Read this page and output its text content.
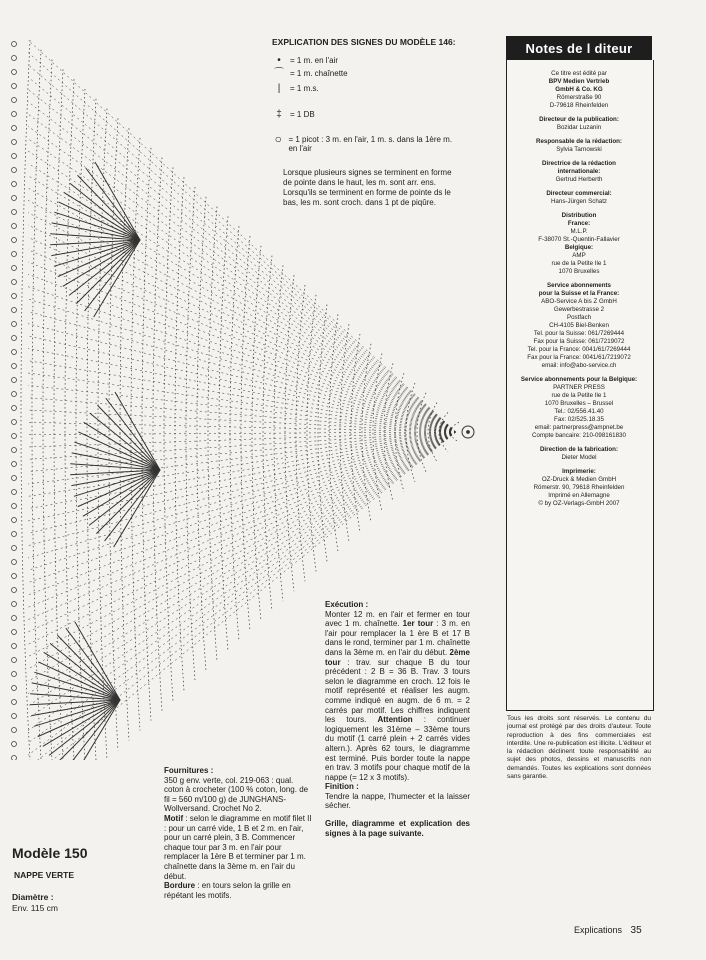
EXPLICATION DES SIGNES DU MODÈLE 146:
•	= 1 m. en l'air
⌒ = 1 m. chaînette
|	= 1 m.s.
‡	= 1 DB
○ = 1 picot : 3 m. en l'air, 1 m. s. dans la 1ère m. en l'air
Lorsque plusieurs signes se terminent en forme de pointe dans le haut, les m. sont arr. ens. Lorsqu'ils se terminent en forme de pointe ds le bas, les m. sont croch. dans 1 pt de piqûre.
Exécution :
Monter 12 m. en l'air et fermer en tour avec 1 m. chaînette. 1er tour : 3 m. en l'air pour remplacer la 1 ère B et 17 B dans le rond, terminer par 1 m. chaînette dans la 3ème m. en l'air du début. 2ème tour : trav. sur chaque B du tour précédent : 2 B = 36 B. Trav. 3 tours selon le diagramme en croch. 12 fois le motif représenté et réaliser les augm. comme indiqué en augm. de 6 m. = 2 carrés par motif. Les chiffres indiquent les tours. Attention : continuer logiquement les 31ème – 33ème tours du motif (1 carré plein + 2 carrés vides altern.). Après 62 tours, le diagramme est terminé. Puis border toute la nappe en trav. 3 motifs pour chaque motif de la nappe (= 12 x 3 motifs).
Finition :
Tendre la nappe, l'humecter et la laisser sécher.
Grille, diagramme et explication des signes à la page suivante.
Fournitures :
350 g env. verte, col. 219-063 : qual. coton à crocheter (100 % coton, long. de fil = 560 m/100 g) de JUNGHANS-Wollversand. Crochet No 2.
Motif : selon le diagramme en motif filet II : pour un carré vide, 1 B et 2 m. en l'air, pour un carré plein, 3 B. Commencer chaque tour par 3 m. en l'air pour remplacer la 1ère B et terminer par 1 m. chaînette dans la 3ème m. en l'air du début.
Bordure : en tours selon la grille en répétant les motifs.
Modèle 150
NAPPE VERTE
Diamètre :
Env. 115 cm
Notes de l diteur
Ce titre est édité par
BPV Medien Vertrieb
GmbH & Co. KG
Römerstraße 90
D-79618 Rheinfelden
Directeur de la publication:
Bozidar Luzanin
Responsable de la rédaction:
Sylvia Tarnowski
Directrice de la rédaction
internationale:
Gertrud Herberth
Directeur commercial:
Hans-Jürgen Schatz
Distribution
France:
M.L.P.
F-38070 St.-Quentin-Fallavier
Belgique:
AMP
rue de la Petite Ile 1
1070 Bruxelles
Service abonnements
pour la Suisse et la France:
ABO-Service A bis Z GmbH
Gewerbestrasse 2
Postfach
CH-4105 Biel-Benken
Tel. pour la Suisse: 061/7269444
Fax pour la Suisse: 061/7219072
Tel. pour la France: 0041/61/7269444
Fax pour la France: 0041/61/7219072
email: info@abo-service.ch
Service abonnements pour la Belgique:
PARTNER PRESS
rue de la Petite Ile 1
1070 Bruxelles – Brussel
Tel.: 02/556.41.40
Fax: 02/525.18.35
email: partnerpress@ampnet.be
Compte bancaire: 210-098161830
Direction de la fabrication:
Dieter Model
Imprimerie:
OZ-Druck & Medien GmbH
Römerstr. 90, 79618 Rheinfelden
Imprimé en Allemagne
© by OZ-Verlags-GmbH 2007
Tous les droits sont réservés. Le contenu du journal est protégé par des droits d'auteur. Toute reproduction à des fins commerciales est interdite. Une re-publication est illicite. L'éditeur et la rédaction déclinent toute responsabilité au sujet des photos, dessins et manuscrits non demandés. Toutes les explications sont données sans garantie.
Explications 35
